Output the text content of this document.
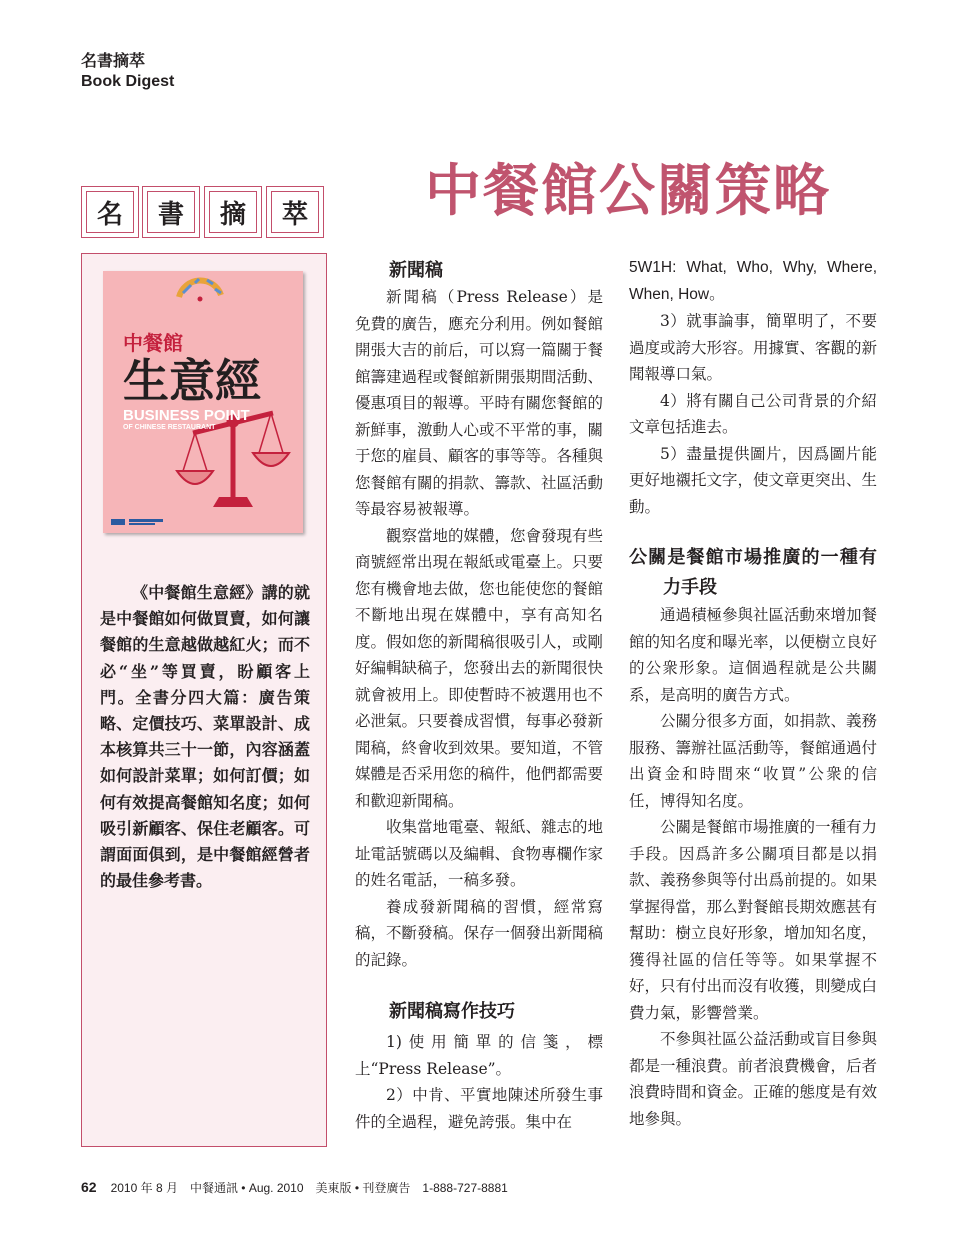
名書摘萃
Book Digest
名	書	摘	萃 中餐館公關策略
中餐館
生意經
BUSINESS POINT
OF CHINESE RESTAURANT

《中餐館生意經》講的就是中餐館如何做買賣，如何讓餐館的生意越做越紅火；而不必“坐”等買賣，盼顧客上門。全書分四大篇：廣告策略、定價技巧、菜單設計、成本核算共三十一節，內容涵蓋如何設計菜單；如何訂價；如何有效提高餐館知名度；如何吸引新顧客、保住老顧客。可謂面面俱到，是中餐館經營者的最佳參考書。

新聞稿

新聞稿（Press Release）是免費的廣告，應充分利用。例如餐館開張大吉的前后，可以寫一篇關于餐館籌建過程或餐館新開張期間活動、優惠項目的報導。平時有關您餐館的新鮮事，激動人心或不平常的事，關于您的雇員、顧客的事等等。各種與您餐館有關的捐款、籌款、社區活動等最容易被報導。

觀察當地的媒體，您會發現有些商號經常出現在報紙或電臺上。只要您有機會地去做，您也能使您的餐館不斷地出現在媒體中，享有高知名度。假如您的新聞稿很吸引人，或剛好編輯缺稿子，您發出去的新聞很快就會被用上。即使暫時不被選用也不必泄氣。只要養成習慣，每事必發新聞稿，終會收到效果。要知道，不管媒體是否采用您的稿件，他們都需要和歡迎新聞稿。

收集當地電臺、報紙、雜志的地址電話號碼以及編輯、食物專欄作家的姓名電話，一稿多發。

養成發新聞稿的習慣，經常寫稿，不斷發稿。保存一個發出新聞稿的記錄。

新聞稿寫作技巧

1)使用簡單的信箋，標上“Press Release”。

2）中肯、平實地陳述所發生事件的全過程，避免誇張。集中在

5W1H: What, Who, Why, Where, When, How。

3）就事論事，簡單明了，不要過度或誇大形容。用據實、客觀的新聞報導口氣。

4）將有關自己公司背景的介紹文章包括進去。

5）盡量提供圖片，因爲圖片能更好地襯托文字，使文章更突出、生動。

公關是餐館市場推廣的一種有力手段

通過積極參與社區活動來增加餐館的知名度和曝光率，以便樹立良好的公衆形象。這個過程就是公共關系，是高明的廣告方式。

公關分很多方面，如捐款、義務服務、籌辦社區活動等，餐館通過付出資金和時間來“收買”公衆的信任，博得知名度。

公關是餐館市場推廣的一種有力手段。因爲許多公關項目都是以捐款、義務參與等付出爲前提的。如果掌握得當，那么對餐館長期效應甚有幫助：樹立良好形象，增加知名度，獲得社區的信任等等。如果掌握不好，只有付出而沒有收獲，則變成白費力氣，影響營業。

不參與社區公益活動或盲目參與都是一種浪費。前者浪費機會，后者浪費時間和資金。正確的態度是有效地參與。

62 2010 年 8 月　中餐通訊 • Aug. 2010　美東版 • 刊登廣告　1-888-727-8881
